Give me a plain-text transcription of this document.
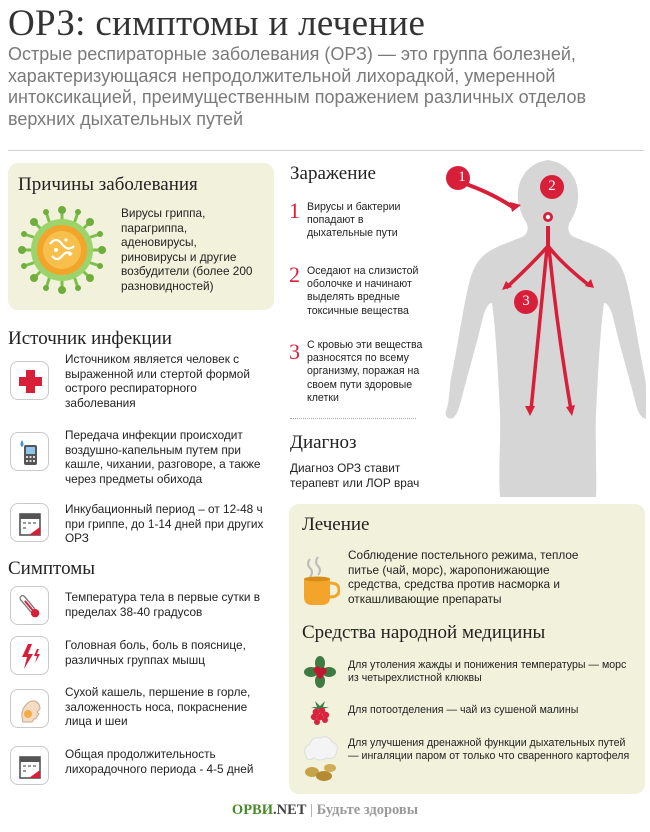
ОРЗ: симптомы и лечение
Острые респираторные заболевания (ОРЗ) — это группа болезней, характеризующаяся непродолжительной лихорадкой, умеренной интоксикацией, преимущественным поражением различных отделов верхних дыхательных путей
Причины заболевания
Вирусы гриппа, парагриппа, аденовирусы, риновирусы и другие возбудители (более 200 разновидностей)
Источник инфекции
Источником является человек с выраженной или стертой формой острого респираторного заболевания
Передача инфекции происходит воздушно-капельным путем при кашле, чихании, разговоре, а также через предметы обихода
Инкубационный период – от 12-48 ч при гриппе, до 1-14 дней при других ОРЗ
Симптомы
Температура тела в первые сутки в пределах 38-40 градусов
Головная боль, боль в пояснице, различных группах мышц
Сухой кашель, першение в горле, заложенность носа, покраснение лица и шеи
Общая продолжительность лихорадочного периода - 4-5 дней
1
2
3
Заражение
1 Вирусы и бактерии попадают в дыхательные пути
2 Оседают на слизистой оболочке и начинают выделять вредные токсичные вещества
3 С кровью эти вещества разносятся по всему организму, поражая на своем пути здоровые клетки
Диагноз
Диагноз ОРЗ ставит терапевт или ЛОР врач
Лечение
Соблюдение постельного режима, теплое питье (чай, морс), жаропонижающие средства, средства против насморка и откашливающие препараты
Средства народной медицины
Для утоления жажды и понижения температуры — морс из четырехлистной клюквы
Для потоотделения — чай из сушеной малины
Для улучшения дренажной функции дыхательных путей — ингаляции паром от только что сваренного картофеля
ОРВИ.NET | Будьте здоровы
